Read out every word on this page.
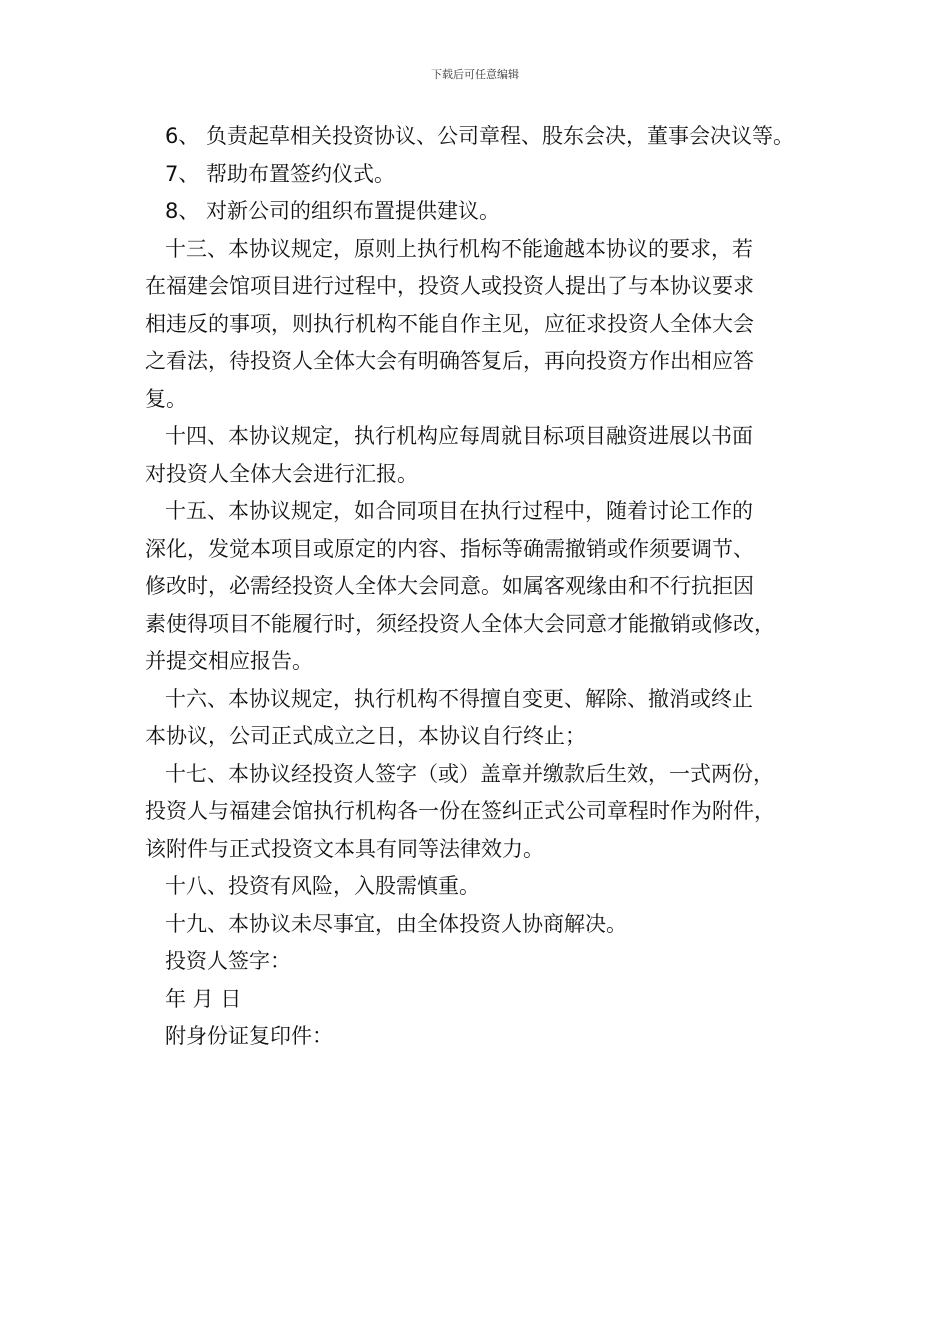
下载后可任意编辑
6、 负责起草相关投资协议、公司章程、股东会决，董事会决议等。
7、 帮助布置签约仪式。
8、 对新公司的组织布置提供建议。
十三、本协议规定，原则上执行机构不能逾越本协议的要求，若
在福建会馆项目进行过程中，投资人或投资人提出了与本协议要求
相违反的事项，则执行机构不能自作主见，应征求投资人全体大会
之看法，待投资人全体大会有明确答复后，再向投资方作出相应答
复。
十四、本协议规定，执行机构应每周就目标项目融资进展以书面
对投资人全体大会进行汇报。
十五、本协议规定，如合同项目在执行过程中，随着讨论工作的
深化，发觉本项目或原定的内容、指标等确需撤销或作须要调节、
修改时，必需经投资人全体大会同意。如属客观缘由和不行抗拒因
素使得项目不能履行时，须经投资人全体大会同意才能撤销或修改，
并提交相应报告。
十六、本协议规定，执行机构不得擅自变更、解除、撤消或终止
本协议，公司正式成立之日，本协议自行终止；
十七、本协议经投资人签字（或）盖章并缴款后生效，一式两份，
投资人与福建会馆执行机构各一份在签纠正式公司章程时作为附件，
该附件与正式投资文本具有同等法律效力。
十八、投资有风险，入股需慎重。
十九、本协议未尽事宜，由全体投资人协商解决。
投资人签字：
年 月 日
附身份证复印件：
